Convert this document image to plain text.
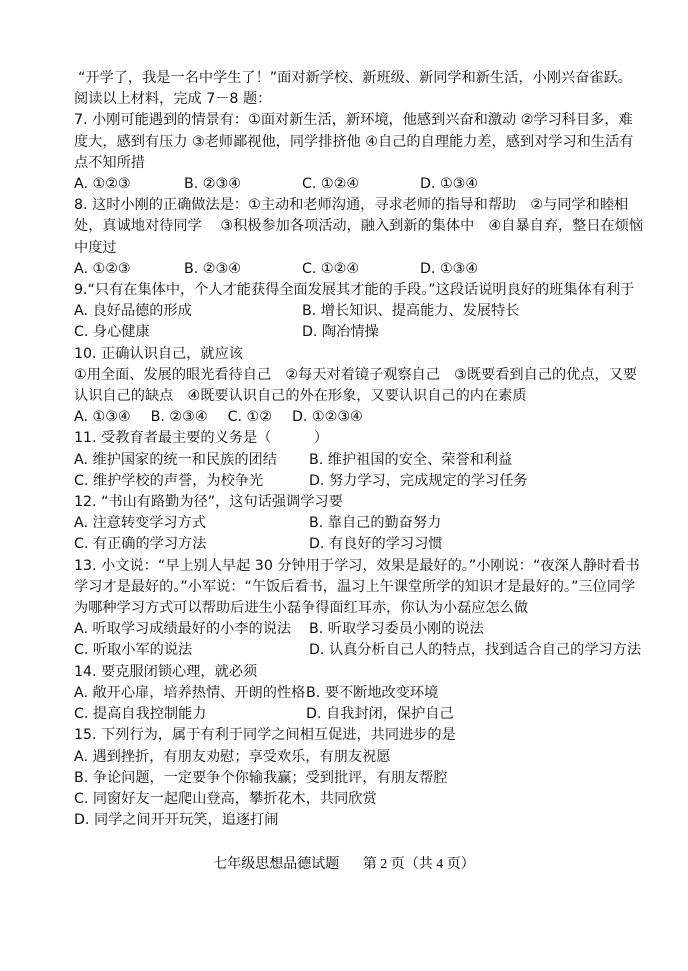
“开学了，我是一名中学生了！”面对新学校、新班级、新同学和新生活，小刚兴奋雀跃。

阅读以上材料，完成 7－8 题：

7. 小刚可能遇到的情景有：①面对新生活，新环境，他感到兴奋和激动 ②学习科目多，难度大，感到有压力 ③老师鄙视他，同学排挤他 ④自己的自理能力差，感到对学习和生活有点不知所措

A. ①②③	B. ②③④	C. ①②④	D. ①③④

8. 这时小刚的正确做法是：①主动和老师沟通，寻求老师的指导和帮助　②与同学和睦相处，真诚地对待同学　 ③积极参加各项活动，融入到新的集体中　④自暴自弃，整日在烦恼中度过

A. ①②③	B. ②③④	C. ①②④	D. ①③④

9.“只有在集体中，个人才能获得全面发展其才能的手段。”这段话说明良好的班集体有利于

A. 良好品德的形成	B. 增长知识、提高能力、发展特长
C. 身心健康	D. 陶冶情操

10. 正确认识自己，就应该

①用全面、发展的眼光看待自己　②每天对着镜子观察自己　③既要看到自己的优点，又要认识自己的缺点　④既要认识自己的外在形象，又要认识自己的内在素质

A. ①③④ B. ②③④ C. ①② D. ①②③④

11. 受教育者最主要的义务是（　　　）

A. 维护国家的统一和民族的团结	B. 维护祖国的安全、荣誉和利益
C. 维护学校的声誉，为校争光	D. 努力学习，完成规定的学习任务

12. “书山有路勤为径”，这句话强调学习要

A. 注意转变学习方式	B. 靠自己的勤奋努力
C. 有正确的学习方法	D. 有良好的学习习惯

13. 小文说：“早上别人早起 30 分钟用于学习，效果是最好的。”小刚说：“夜深人静时看书学习才是最好的。”小军说：“午饭后看书，温习上午课堂所学的知识才是最好的。”三位同学为哪种学习方式可以帮助后进生小磊争得面红耳赤，你认为小磊应怎么做

A. 听取学习成绩最好的小李的说法	B. 听取学习委员小刚的说法
C. 听取小军的说法	D. 认真分析自己人的特点，找到适合自己的学习方法

14. 要克服闭锁心理，就必须

A. 敞开心扉，培养热情、开朗的性格 B. 要不断地改变环境
C. 提高自我控制能力	D. 自我封闭，保护自己

15. 下列行为，属于有利于同学之间相互促进，共同进步的是

A. 遇到挫折，有朋友劝慰；享受欢乐，有朋友祝愿

B. 争论问题，一定要争个你输我赢；受到批评，有朋友帮腔

C. 同窗好友一起爬山登高，攀折花木，共同欣赏

D. 同学之间开开玩笑，追逐打闹

七年级思想品德试题 第 2 页（共 4 页）
